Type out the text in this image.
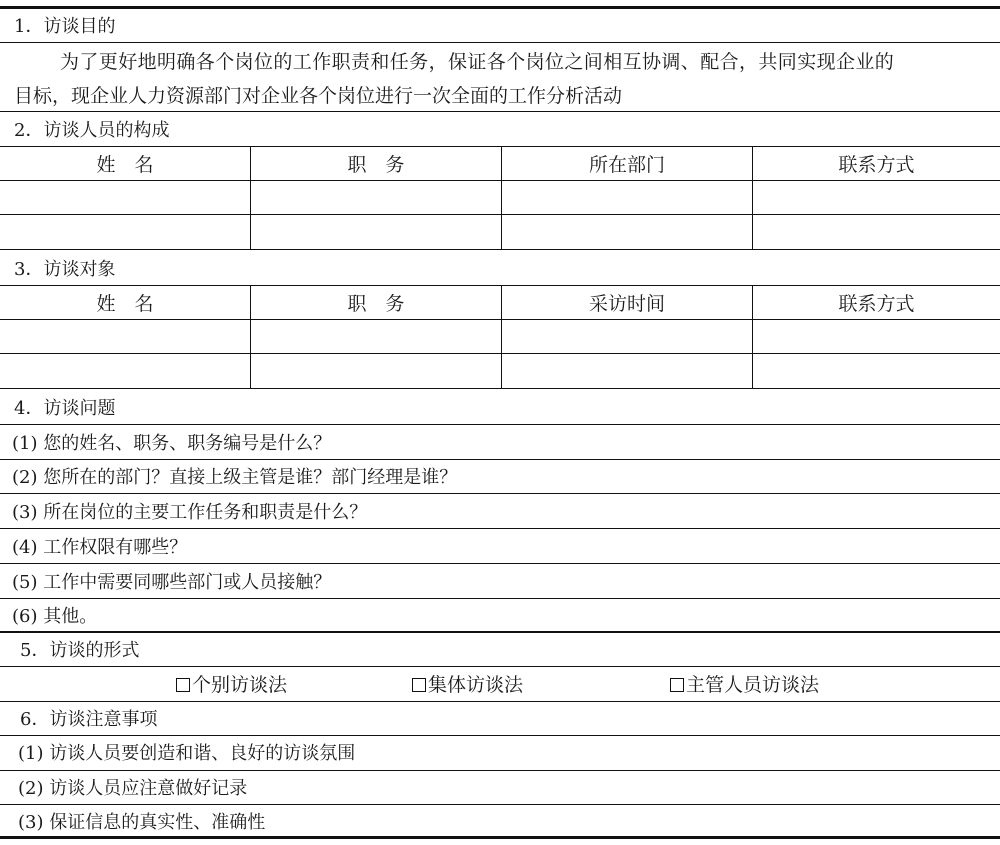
1．访谈目的
为了更好地明确各个岗位的工作职责和任务，保证各个岗位之间相互协调、配合，共同实现企业的
目标，现企业人力资源部门对企业各个岗位进行一次全面的工作分析活动
2．访谈人员的构成
姓　名	职　务	所在部门	联系方式
3．访谈对象
姓　名	职　务	采访时间	联系方式
4．访谈问题
(1) 您的姓名、职务、职务编号是什么？
(2) 您所在的部门？直接上级主管是谁？部门经理是谁？
(3) 所在岗位的主要工作任务和职责是什么？
(4) 工作权限有哪些？
(5) 工作中需要同哪些部门或人员接触？
(6) 其他。
5．访谈的形式
个别访谈法	集体访谈法	主管人员访谈法
6．访谈注意事项
(1) 访谈人员要创造和谐、良好的访谈氛围
(2) 访谈人员应注意做好记录
(3) 保证信息的真实性、准确性
